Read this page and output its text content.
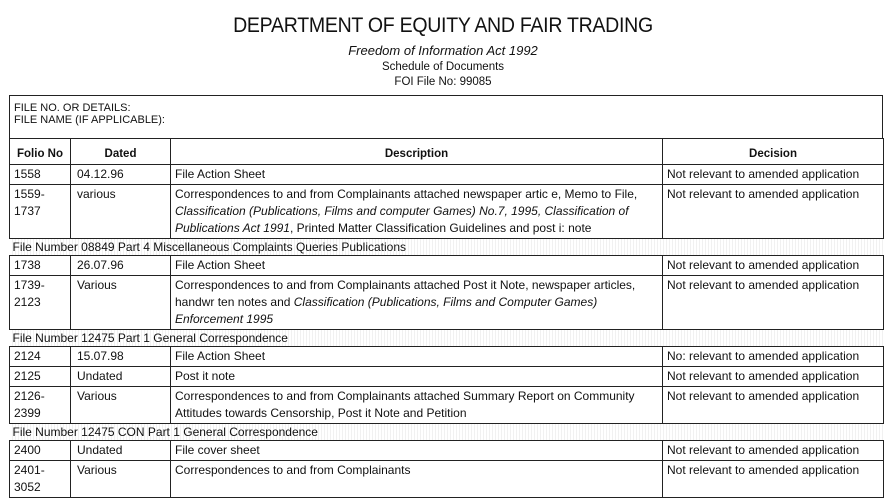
DEPARTMENT OF EQUITY AND FAIR TRADING
Freedom of Information Act 1992
Schedule of Documents
FOI File No: 99085
FILE NO. OR DETAILS:
FILE NAME (IF APPLICABLE):
Folio No	Dated	Description	Decision
1558	04.12.96	File Action Sheet	Not relevant to amended application
1559-
1737	various	Correspondences to and from Complainants attached newspaper artic e, Memo to File, Classification (Publications, Films and computer Games) No.7, 1995, Classification of Publications Act 1991, Printed Matter Classification Guidelines and post i: note	Not relevant to amended application
File Number 08849 Part 4 Miscellaneous Complaints Queries Publications			
1738	26.07.96	File Action Sheet	Not relevant to amended application
1739-
2123	Various	Correspondences to and from Complainants attached Post it Note, newspaper articles, handwr ten notes and Classification (Publications, Films and Computer Games) Enforcement 1995	Not relevant to amended application
File Number 12475 Part 1 General Correspondence			
2124	15.07.98	File Action Sheet	No: relevant to amended application
2125	Undated	Post it note	Not relevant to amended application
2126-
2399	Various	Correspondences to and from Complainants attached Summary Report on Community Attitudes towards Censorship, Post it Note and Petition	Not relevant to amended application
File Number 12475 CON Part 1 General Correspondence			
2400	Undated	File cover sheet	Not relevant to amended application
2401-
3052	Various	Correspondences to and from Complainants	Not relevant to amended application
